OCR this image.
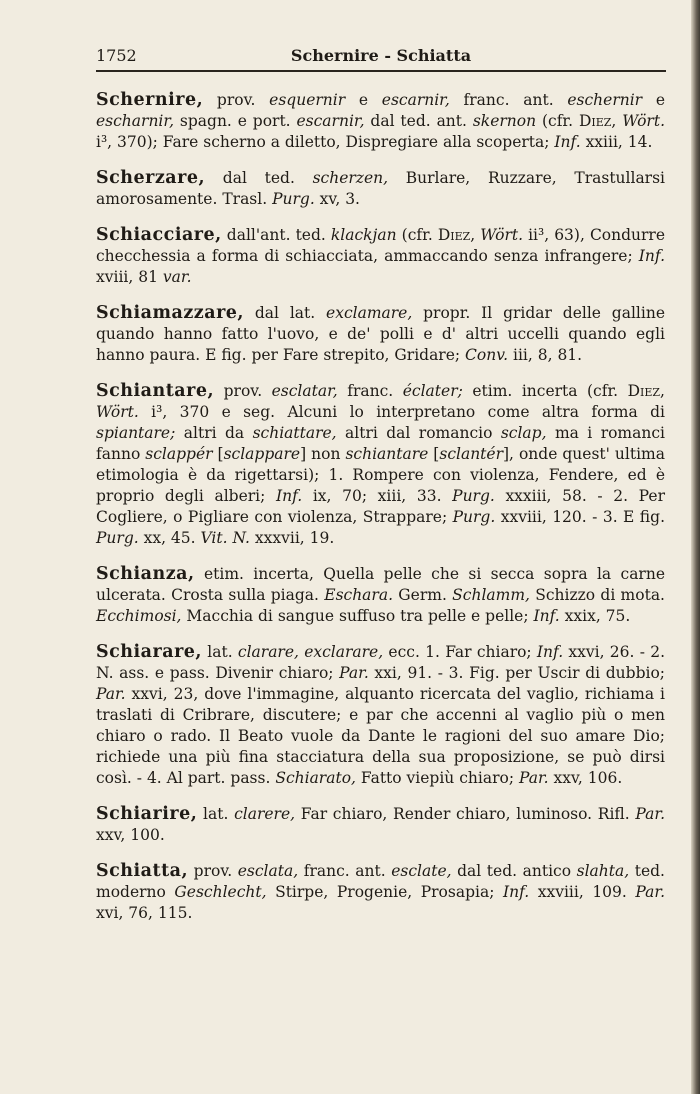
1752	Schernire - Schiatta

Schernire, prov. esquernir e escarnir, franc. ant. eschernir e escharnir, spagn. e port. escarnir, dal ted. ant. skernon (cfr. Diez, Wört. i³, 370); Fare scherno a diletto, Dispregiare alla scoperta; Inf. xxiii, 14.

Scherzare, dal ted. scherzen, Burlare, Ruzzare, Trastullarsi amorosamente. Trasl. Purg. xv, 3.

Schiacciare, dall'ant. ted. klackjan (cfr. Diez, Wört. ii³, 63), Condurre checchessia a forma di schiacciata, ammaccando senza infrangere; Inf. xviii, 81 var.

Schiamazzare, dal lat. exclamare, propr. Il gridar delle galline quando hanno fatto l'uovo, e de' polli e d' altri uccelli quando egli hanno paura. E fig. per Fare strepito, Gridare; Conv. iii, 8, 81.

Schiantare, prov. esclatar, franc. éclater; etim. incerta (cfr. Diez, Wört. i³, 370 e seg. Alcuni lo interpretano come altra forma di spiantare; altri da schiattare, altri dal romancio sclap, ma i romanci fanno sclappér [sclappare] non schiantare [sclantér], onde quest' ultima etimologia è da rigettarsi); 1. Rompere con violenza, Fendere, ed è proprio degli alberi; Inf. ix, 70; xiii, 33. Purg. xxxiii, 58. - 2. Per Cogliere, o Pigliare con violenza, Strappare; Purg. xxviii, 120. - 3. E fig. Purg. xx, 45. Vit. N. xxxvii, 19.

Schianza, etim. incerta, Quella pelle che si secca sopra la carne ulcerata. Crosta sulla piaga. Eschara. Germ. Schlamm, Schizzo di mota. Ecchimosi, Macchia di sangue suffuso tra pelle e pelle; Inf. xxix, 75.

Schiarare, lat. clarare, exclarare, ecc. 1. Far chiaro; Inf. xxvi, 26. - 2. N. ass. e pass. Divenir chiaro; Par. xxi, 91. - 3. Fig. per Uscir di dubbio; Par. xxvi, 23, dove l'immagine, alquanto ricercata del vaglio, richiama i traslati di Cribrare, discutere; e par che accenni al vaglio più o men chiaro o rado. Il Beato vuole da Dante le ragioni del suo amare Dio; richiede una più fina stacciatura della sua proposizione, se può dirsi così. - 4. Al part. pass. Schiarato, Fatto viepiù chiaro; Par. xxv, 106.

Schiarire, lat. clarere, Far chiaro, Render chiaro, luminoso. Rifl. Par. xxv, 100.

Schiatta, prov. esclata, franc. ant. esclate, dal ted. antico slahta, ted. moderno Geschlecht, Stirpe, Progenie, Prosapia; Inf. xxviii, 109. Par. xvi, 76, 115.
